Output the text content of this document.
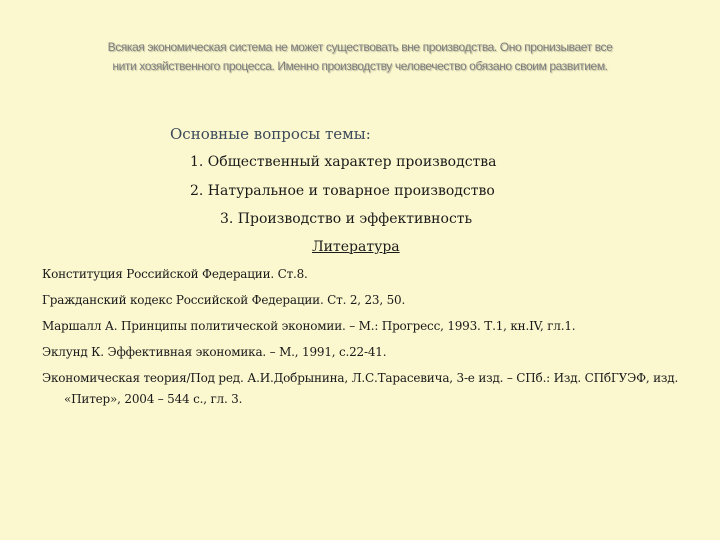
Всякая экономическая система не может существовать вне производства. Оно пронизывает все
нити хозяйственного процесса. Именно производству человечество обязано своим развитием.
Основные вопросы темы:
1. Общественный характер производства
2. Натуральное и товарное производство
3. Производство и эффективность
Литература
Конституция Российской Федерации. Ст.8.
Гражданский кодекс Российской Федерации. Ст. 2, 23, 50.
Маршалл А. Принципы политической экономии. – М.: Прогресс, 1993. Т.1, кн.IV, гл.1.
Эклунд К. Эффективная экономика. – М., 1991, с.22-41.
Экономическая теория/Под ред. А.И.Добрынина, Л.С.Тарасевича, 3-е изд. – СПб.: Изд. СПбГУЭФ, изд. «Питер», 2004 – 544 с., гл. 3.
